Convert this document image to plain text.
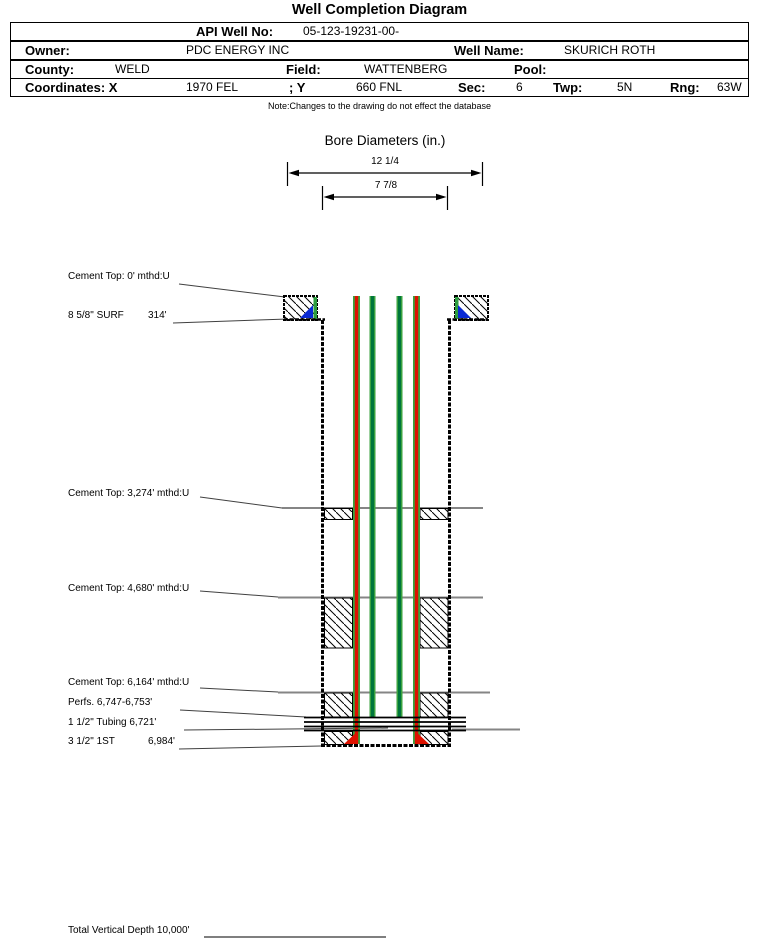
Well Completion Diagram
API Well No: 05-123-19231-00-
Owner:	PDC ENERGY INC	Well Name:	SKURICH ROTH
County:	WELD	Field:	WATTENBERG	Pool:
Coordinates: X	1970 FEL	; Y	660 FNL	Sec:	6 Twp:	5N	Rng: 63W
Note:Changes to the drawing do not effect the database
Bore Diameters (in.)
12 1/4
7 7/8
Cement Top: 0' mthd:U
8 5/8" SURF 314'
Cement Top: 3,274' mthd:U
Cement Top: 4,680' mthd:U
Cement Top: 6,164' mthd:U
Perfs. 6,747-6,753'
1 1/2" Tubing 6,721'
3 1/2" 1ST	6,984'
Total Vertical Depth 10,000'
